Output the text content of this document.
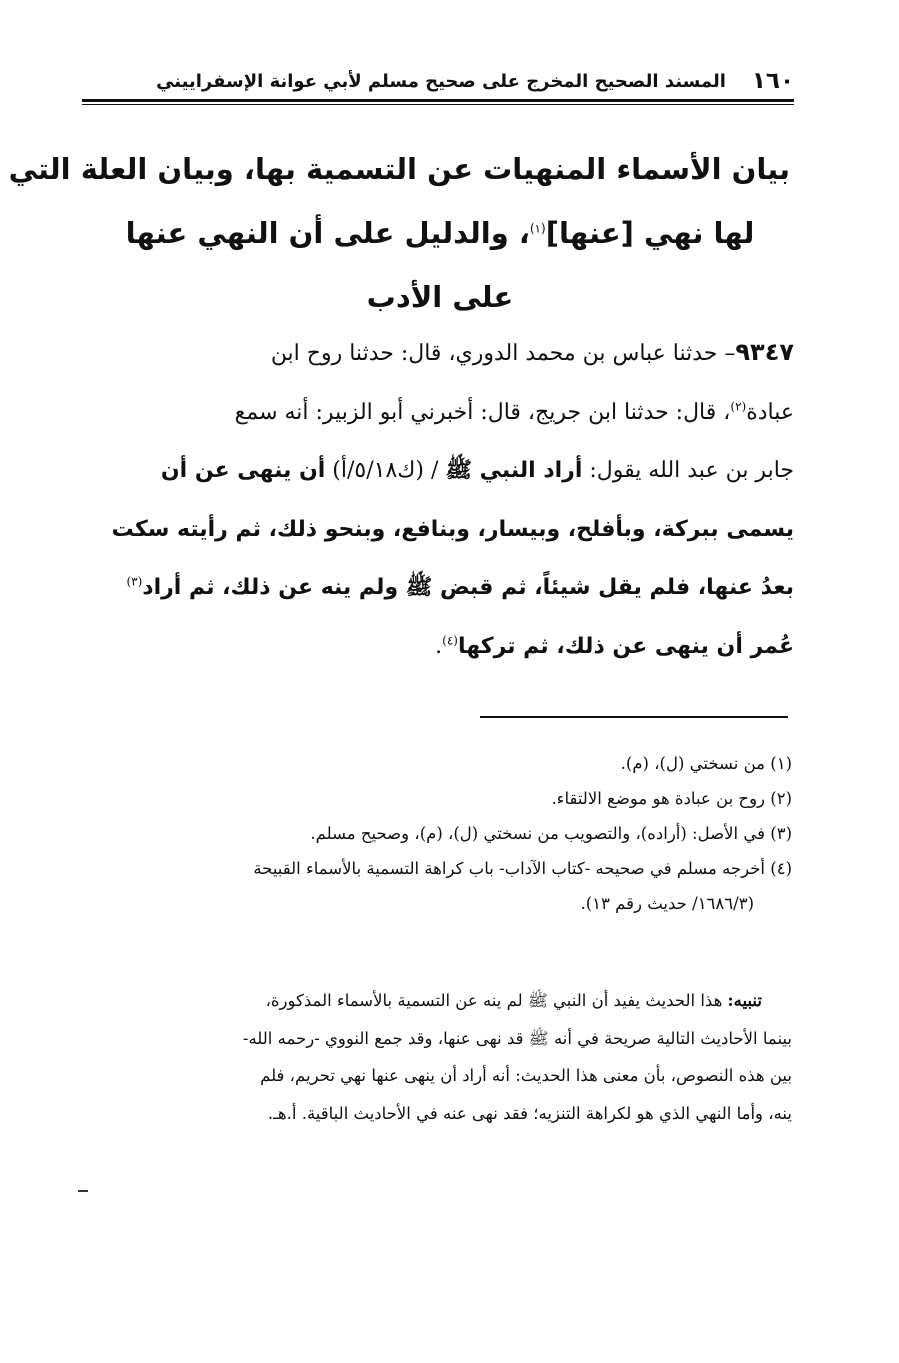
١٦٠
المسند الصحيح المخرج على صحيح مسلم لأبي عوانة الإسفراييني
بيان الأسماء المنهيات عن التسمية بها، وبيان العلة التي
لها نهي [عنها]$^{(١)}$، والدليل على أن النهي عنها
على الأدب
٩٣٤٧– حدثنا عباس بن محمد الدوري، قال: حدثنا روح ابن
عبادة$^{(٢)}$، قال: حدثنا ابن جريج، قال: أخبرني أبو الزبير: أنه سمع
جابر بن عبد الله يقول: أراد النبي ﷺ / (ك٥/١٨/أ) أن ينهى عن أن
يسمى ببركة، وبأفلح، وبيسار، وبنافع، وبنحو ذلك، ثم رأيته سكت
بعدُ عنها، فلم يقل شيئاً، ثم قبض ﷺ ولم ينه عن ذلك، ثم أراد$^{(٣)}$
عُمر أن ينهى عن ذلك، ثم تركها$^{(٤)}$.
(١) من نسختي (ل)، (م).
(٢) روح بن عبادة هو موضع الالتقاء.
(٣) في الأصل: (أراده)، والتصويب من نسختي (ل)، (م)، وصحيح مسلم.
(٤) أخرجه مسلم في صحيحه -كتاب الآداب- باب كراهة التسمية بالأسماء القبيحة
(١٦٨٦/٣/ حديث رقم ١٣).
تنبيه: هذا الحديث يفيد أن النبي ﷺ لم ينه عن التسمية بالأسماء المذكورة،
بينما الأحاديث التالية صريحة في أنه ﷺ قد نهى عنها، وقد جمع النووي -رحمه الله-
بين هذه النصوص، بأن معنى هذا الحديث: أنه أراد أن ينهى عنها نهي تحريم، فلم
ينه، وأما النهي الذي هو لكراهة التنزيه؛ فقد نهى عنه في الأحاديث الباقية. أ.هـ.
